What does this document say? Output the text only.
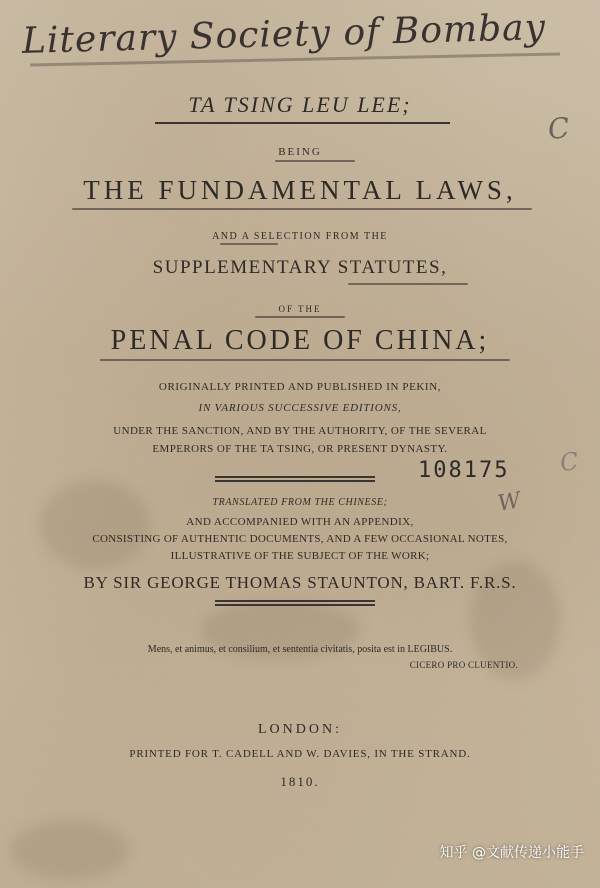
Literary Society of Bombay
C
C
W
108175
TA TSING LEU LEE;
BEING
THE FUNDAMENTAL LAWS,
AND A SELECTION FROM THE
SUPPLEMENTARY STATUTES,
OF THE
PENAL CODE OF CHINA;
ORIGINALLY PRINTED AND PUBLISHED IN PEKIN,
IN VARIOUS SUCCESSIVE EDITIONS,
UNDER THE SANCTION, AND BY THE AUTHORITY, OF THE SEVERAL
EMPERORS OF THE TA TSING, OR PRESENT DYNASTY.
TRANSLATED FROM THE CHINESE;
AND ACCOMPANIED WITH AN APPENDIX,
CONSISTING OF AUTHENTIC DOCUMENTS, AND A FEW OCCASIONAL NOTES,
ILLUSTRATIVE OF THE SUBJECT OF THE WORK;
BY SIR GEORGE THOMAS STAUNTON, BART. F.R.S.
Mens, et animus, et consilium, et sententia civitatis, posita est in LEGIBUS.
CICERO PRO CLUENTIO.
LONDON:
PRINTED FOR T. CADELL AND W. DAVIES, IN THE STRAND.
1810.
知乎 @文献传递小能手
